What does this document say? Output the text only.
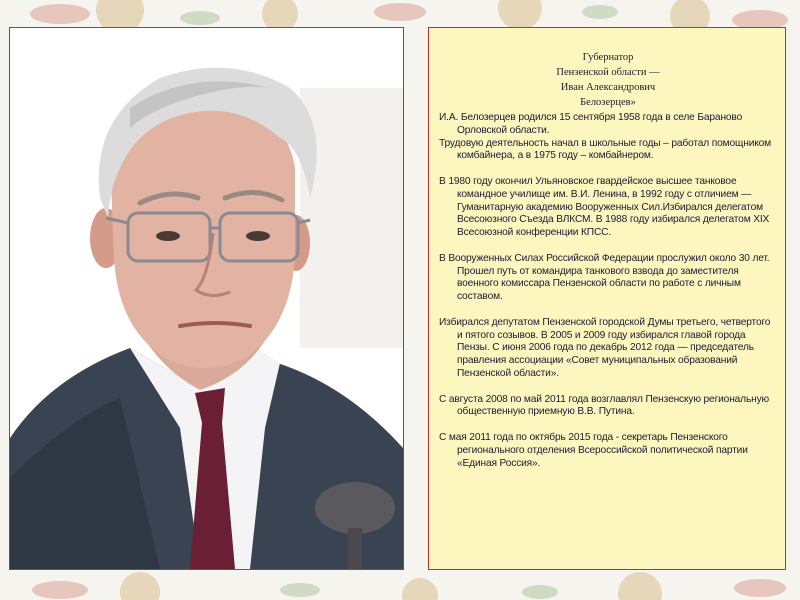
Губернатор
Пензенской области —
Иван Александрович
Белозерцев»

И.А. Белозерцев родился 15 сентября 1958 года в селе Бараново Орловской области.

Трудовую деятельность начал в школьные годы – работал помощником комбайнера, а в 1975 году – комбайнером.

В 1980 году окончил Ульяновское гвардейское высшее танковое командное училище им. В.И. Ленина, в 1992 году с отличием — Гуманитарную академию Вооруженных Сил.Избирался делегатом Всесоюзного Съезда ВЛКСМ. В 1988 году избирался делегатом XIX Всесоюзной конференции КПСС.

В Вооруженных Силах Российской Федерации прослужил около 30 лет. Прошел путь от командира танкового взвода до заместителя военного комиссара Пензенской области по работе с личным составом.

Избирался депутатом Пензенской городской Думы третьего, четвертого и пятого созывов. В 2005 и 2009 году избирался главой города Пензы. С июня 2006 года по декабрь 2012 года — председатель правления ассоциации «Совет муниципальных образований Пензенской области».

С августа 2008 по май 2011 года возглавлял Пензенскую региональную общественную приемную В.В. Путина.

С мая 2011 года по октябрь 2015 года - секретарь Пензенского регионального отделения Всероссийской политической партии «Единая Россия».
